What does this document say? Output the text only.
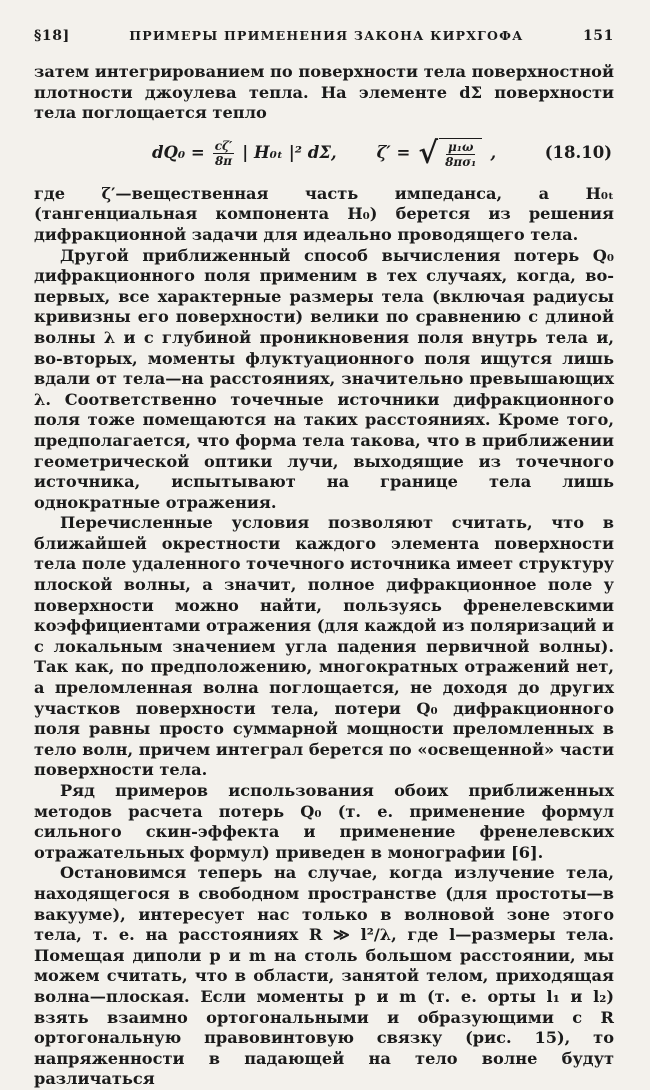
§18]	ПРИМЕРЫ ПРИМЕНЕНИЯ ЗАКОНА КИРХГОФА	151

затем интегрированием по поверхности тела поверхностной плотности джоулева тепла. На элементе dΣ поверхности тела поглощается тепло

$dQ_0 = \frac{c\zeta'}{8\pi}$ | H₀ₜ |² dΣ, ζ′ = √ $\frac{\text{μ₁ω}}{\text{8πσ₁}}$ ,	(18.10)

где ζ′—вещественная часть импеданса, а H₀ₜ (тангенциальная компонента H₀) берется из решения дифракционной задачи для идеально проводящего тела.

Другой приближенный способ вычисления потерь Q₀ дифракционного поля применим в тех случаях, когда, во-первых, все характерные размеры тела (включая радиусы кривизны его поверхности) велики по сравнению с длиной волны λ и с глубиной проникновения поля внутрь тела и, во-вторых, моменты флуктуационного поля ищутся лишь вдали от тела—на расстояниях, значительно превышающих λ. Соответственно точечные источники дифракционного поля тоже помещаются на таких расстояниях. Кроме того, предполагается, что форма тела такова, что в приближении геометрической оптики лучи, выходящие из точечного источника, испытывают на границе тела лишь однократные отражения.

Перечисленные условия позволяют считать, что в ближайшей окрестности каждого элемента поверхности тела поле удаленного точечного источника имеет структуру плоской волны, а значит, полное дифракционное поле у поверхности можно найти, пользуясь френелевскими коэффициентами отражения (для каждой из поляризаций и с локальным значением угла падения первичной волны). Так как, по предположению, многократных отражений нет, а преломленная волна поглощается, не доходя до других участков поверхности тела, потери Q₀ дифракционного поля равны просто суммарной мощности преломленных в тело волн, причем интеграл берется по «освещенной» части поверхности тела.

Ряд примеров использования обоих приближенных методов расчета потерь Q₀ (т. е. применение формул сильного скин-эффекта и применение френелевских отражательных формул) приведен в монографии [6].

Остановимся теперь на случае, когда излучение тела, находящегося в свободном пространстве (для простоты—в вакууме), интересует нас только в волновой зоне этого тела, т. е. на расстояниях R ≫ l²/λ, где l—размеры тела. Помещая диполи p и m на столь большом расстоянии, мы можем считать, что в области, занятой телом, приходящая волна—плоская. Если моменты p и m (т. е. орты l₁ и l₂) взять взаимно ортогональными и образующими с R ортогональную правовинтовую связку (рис. 15), то напряженности в падающей на тело волне будут различаться
